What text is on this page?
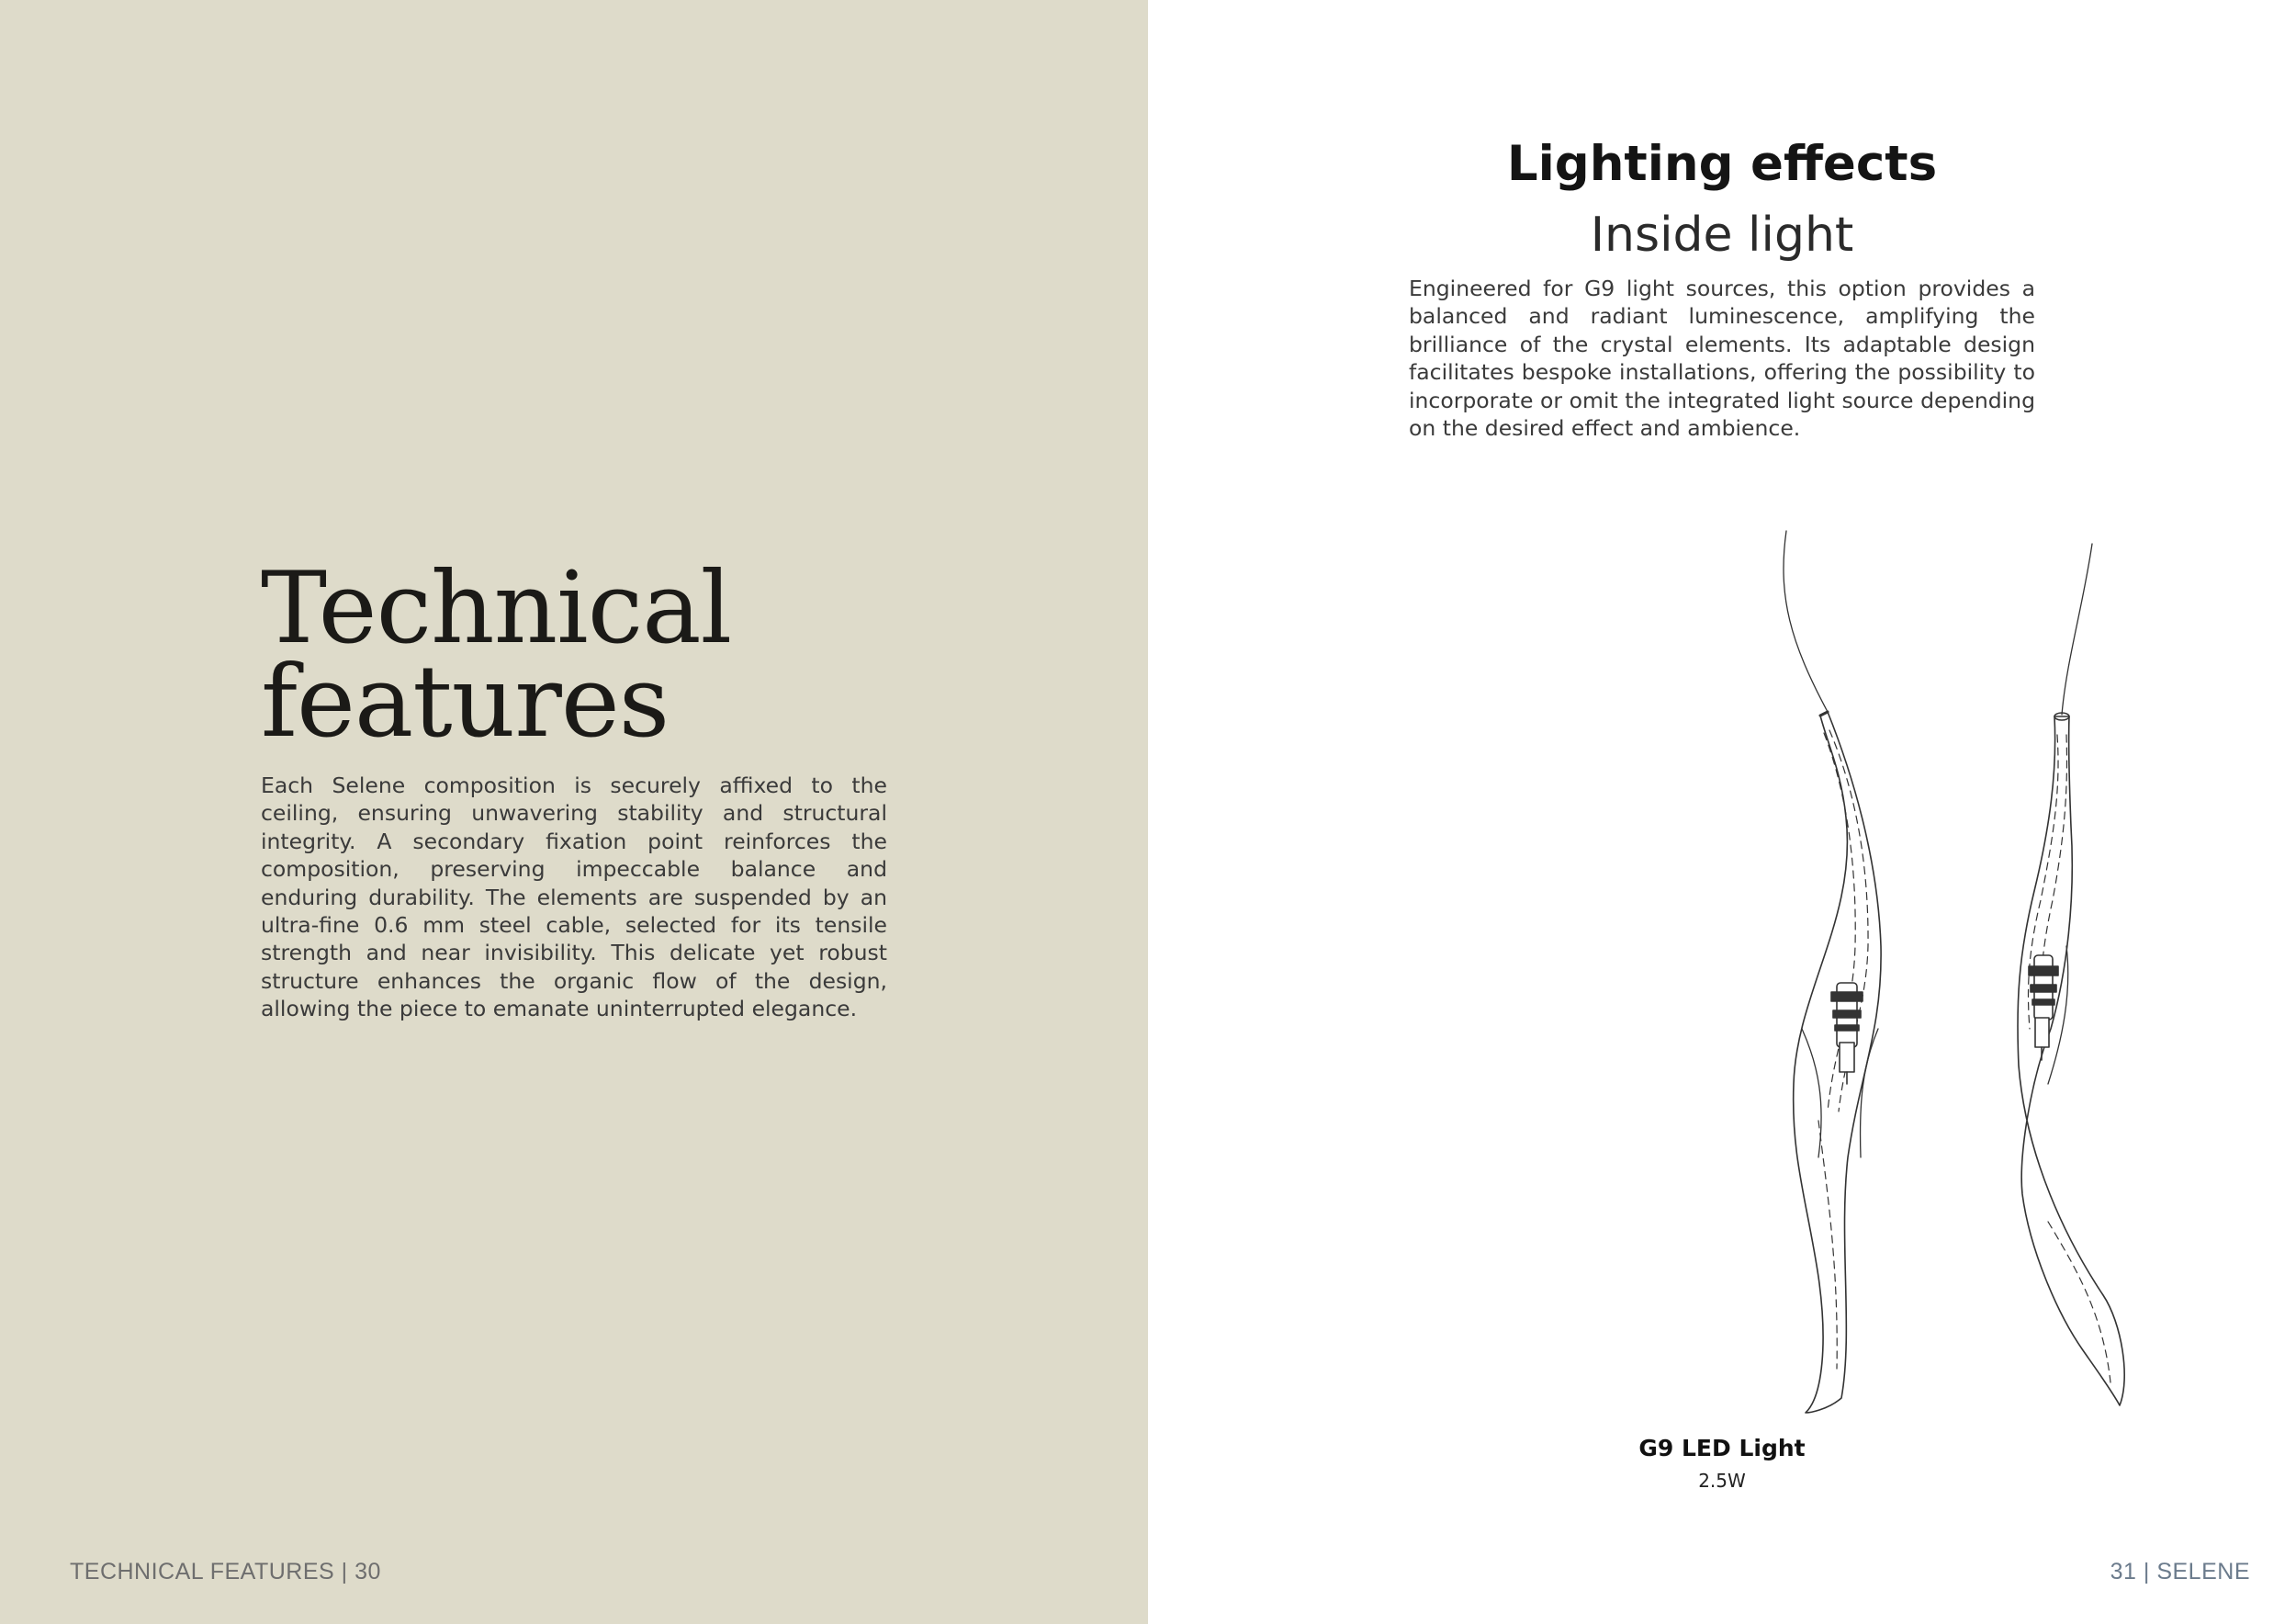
Technical
features

Each Selene composition is securely affixed to the ceiling, ensuring unwavering stability and structural integrity. A secondary fixation point reinforces the composition, preserving impeccable balance and enduring durability. The elements are suspended by an ultra-fine 0.6 mm steel cable, selected for its tensile strength and near invisibility. This delicate yet robust structure enhances the organic flow of the design, allowing the piece to emanate uninterrupted elegance.

TECHNICAL FEATURES | 30

Lighting effects
Inside light

Engineered for G9 light sources, this option provides a balanced and radiant luminescence, amplifying the brilliance of the crystal elements. Its adaptable design facilitates bespoke installations, offering the possibility to incorporate or omit the integrated light source depending on the desired effect and ambience.

G9 LED Light

2.5W

31 | SELENE
